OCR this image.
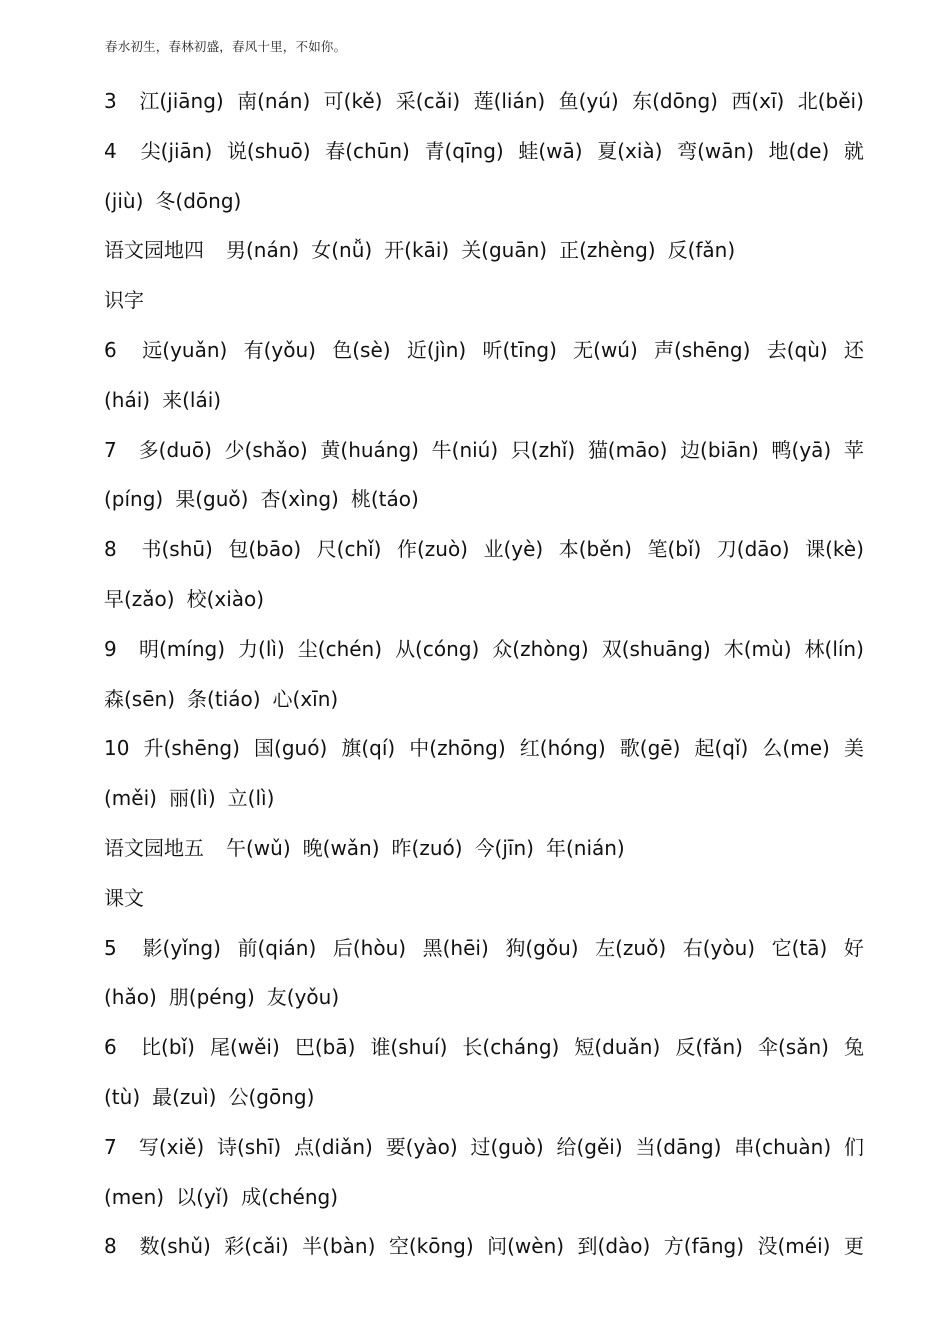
春水初生，春林初盛，春风十里，不如你。
3	江(jiāng) 南(nán) 可(kě) 采(cǎi) 莲(lián) 鱼(yú) 东(dōng) 西(xī) 北(běi)
4	尖(jiān) 说(shuō) 春(chūn) 青(qīng) 蛙(wā) 夏(xià) 弯(wān) 地(de) 就
(jiù) 冬(dōng)
语文园地四 男(nán) 女(nǚ) 开(kāi) 关(guān) 正(zhèng) 反(fǎn)
识字
6	远(yuǎn) 有(yǒu) 色(sè) 近(jìn) 听(tīng) 无(wú) 声(shēng) 去(qù) 还
(hái) 来(lái)
7	多(duō) 少(shǎo) 黄(huáng) 牛(niú) 只(zhǐ) 猫(māo) 边(biān) 鸭(yā) 苹
(píng) 果(guǒ) 杏(xìng) 桃(táo)
8	书(shū) 包(bāo) 尺(chǐ) 作(zuò) 业(yè) 本(běn) 笔(bǐ) 刀(dāo) 课(kè)
早(zǎo) 校(xiào)
9	明(míng) 力(lì) 尘(chén) 从(cóng) 众(zhòng) 双(shuāng) 木(mù) 林(lín)
森(sēn) 条(tiáo) 心(xīn)
10 升(shēng) 国(guó) 旗(qí) 中(zhōng) 红(hóng) 歌(gē) 起(qǐ) 么(me) 美
(měi) 丽(lì) 立(lì)
语文园地五 午(wǔ) 晚(wǎn) 昨(zuó) 今(jīn) 年(nián)
课文
5	影(yǐng) 前(qián) 后(hòu) 黑(hēi) 狗(gǒu) 左(zuǒ) 右(yòu) 它(tā) 好
(hǎo) 朋(péng) 友(yǒu)
6	比(bǐ) 尾(wěi) 巴(bā) 谁(shuí) 长(cháng) 短(duǎn) 反(fǎn) 伞(sǎn) 兔
(tù) 最(zuì) 公(gōng)
7	写(xiě) 诗(shī) 点(diǎn) 要(yào) 过(guò) 给(gěi) 当(dāng) 串(chuàn) 们
(men) 以(yǐ) 成(chéng)
8	数(shǔ) 彩(cǎi) 半(bàn) 空(kōng) 问(wèn) 到(dào) 方(fāng) 没(méi) 更
